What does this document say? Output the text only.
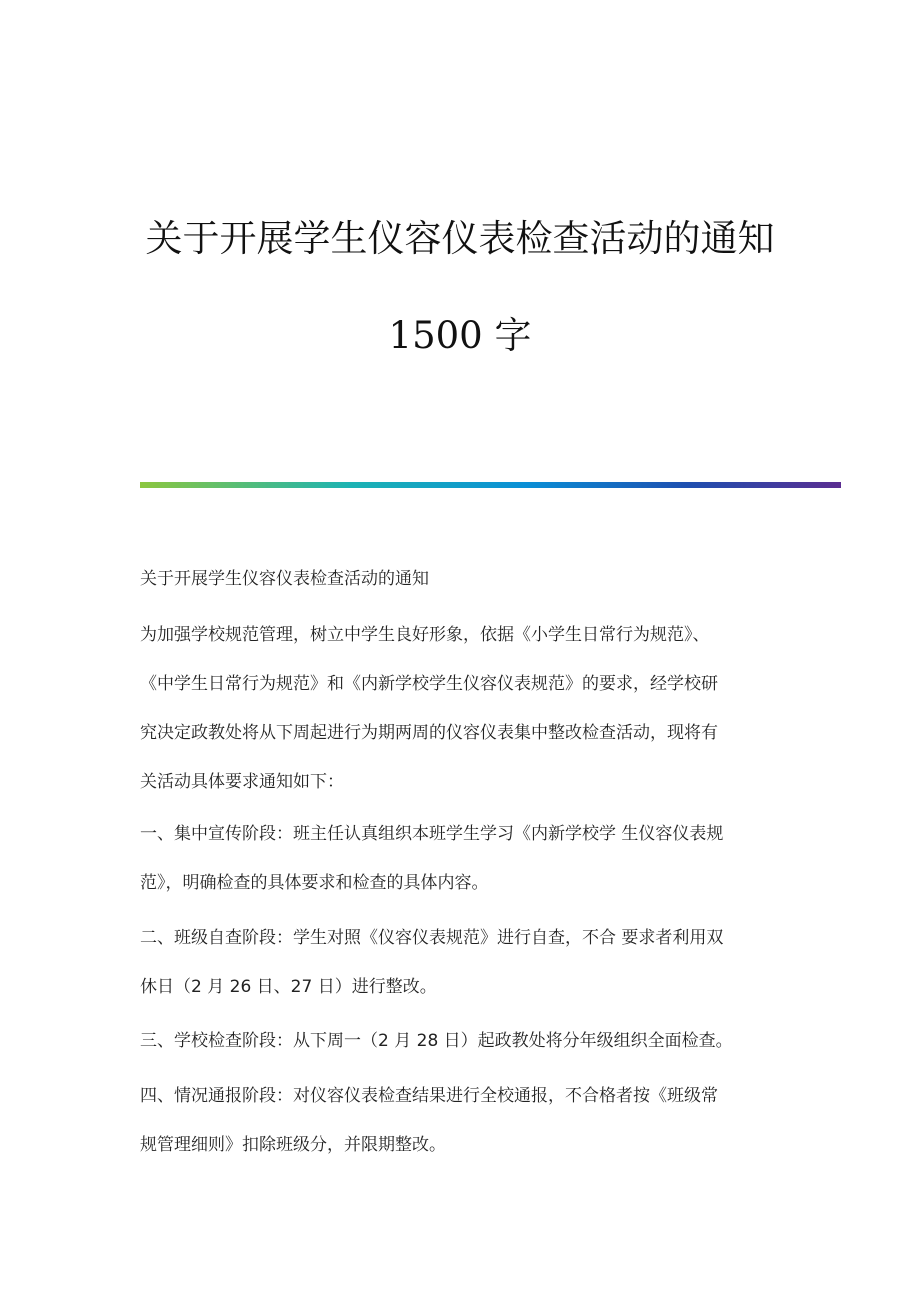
关于开展学生仪容仪表检查活动的通知
1500 字
关于开展学生仪容仪表检查活动的通知
为加强学校规范管理，树立中学生良好形象，依据《小学生日常行为规范》、
《中学生日常行为规范》和《内新学校学生仪容仪表规范》的要求，经学校研
究决定政教处将从下周起进行为期两周的仪容仪表集中整改检查活动，现将有
关活动具体要求通知如下：
一、集中宣传阶段：班主任认真组织本班学生学习《内新学校学 生仪容仪表规
范》，明确检查的具体要求和检查的具体内容。
二、班级自查阶段：学生对照《仪容仪表规范》进行自查，不合 要求者利用双
休日（2 月 26 日、27 日）进行整改。
三、学校检查阶段：从下周一（2 月 28 日）起政教处将分年级组织全面检查。
四、情况通报阶段：对仪容仪表检查结果进行全校通报，不合格者按《班级常
规管理细则》扣除班级分，并限期整改。
